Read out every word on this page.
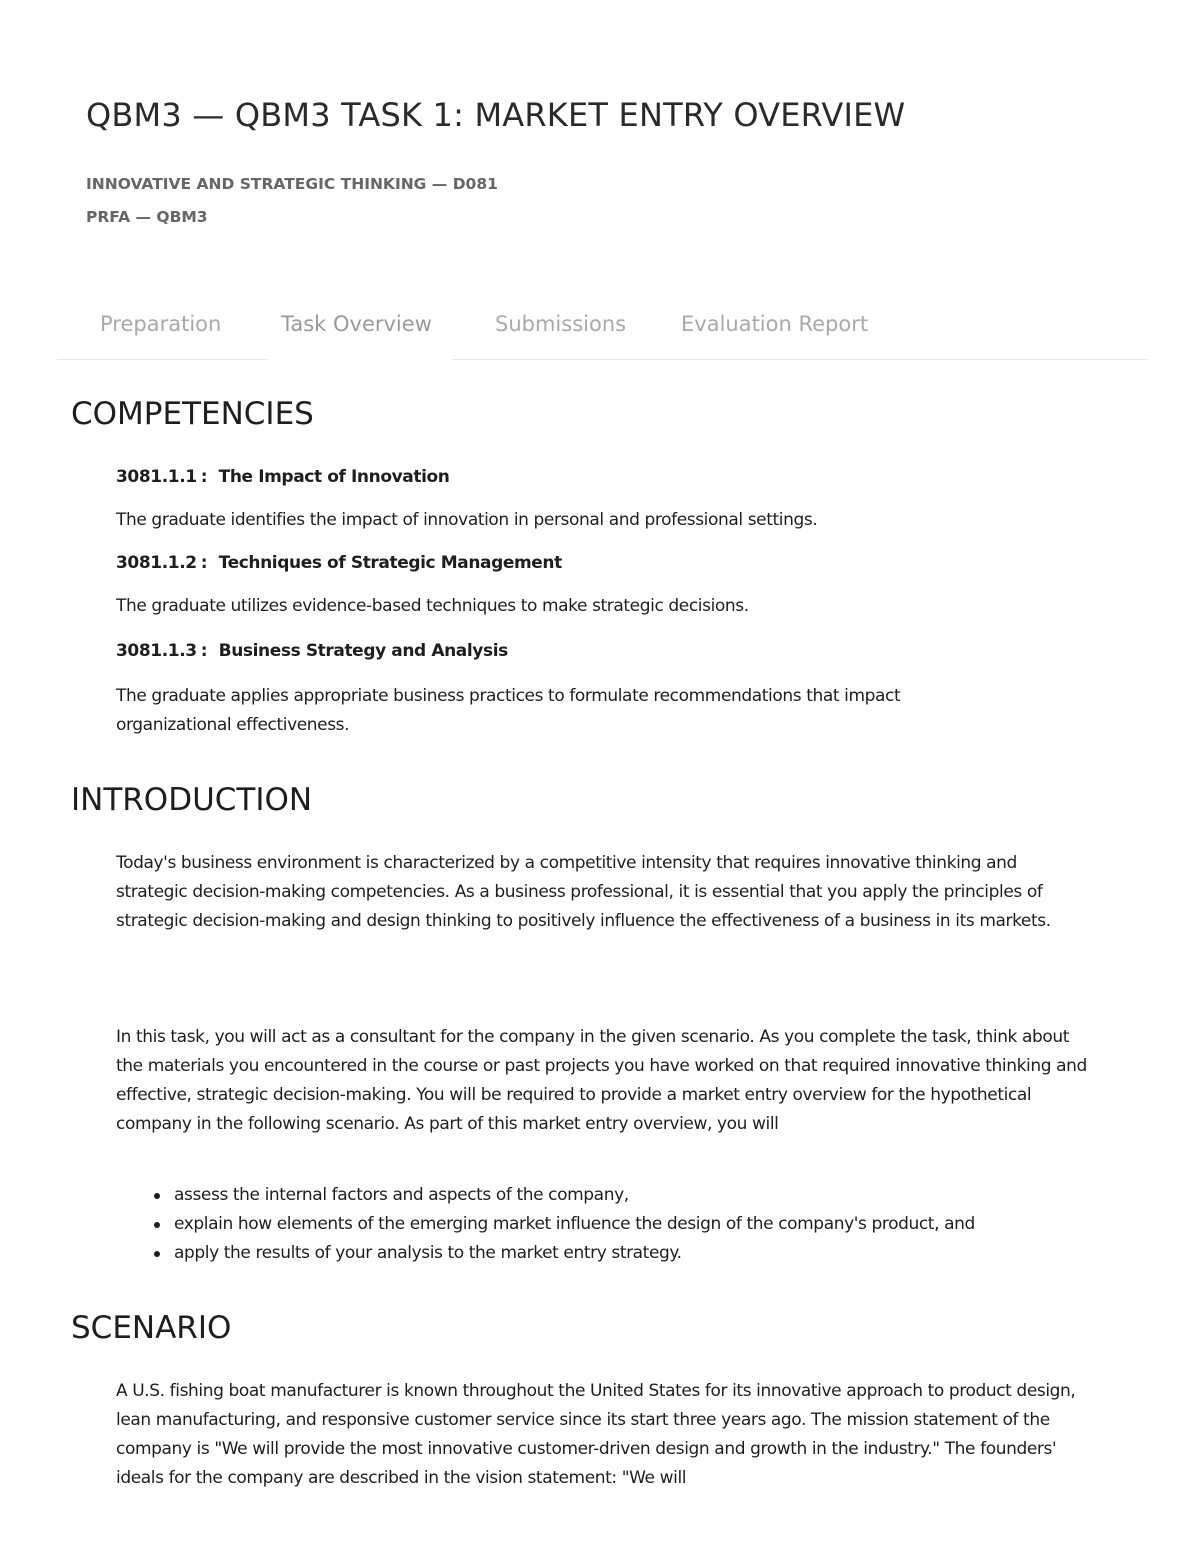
QBM3 — QBM3 TASK 1: MARKET ENTRY OVERVIEW

INNOVATIVE AND STRATEGIC THINKING — D081

PRFA — QBM3

Preparation	Task Overview	Submissions	Evaluation Report
COMPETENCIES

3081.1.1 : The Impact of Innovation

The graduate identifies the impact of innovation in personal and professional settings.

3081.1.2 : Techniques of Strategic Management

The graduate utilizes evidence-based techniques to make strategic decisions.

3081.1.3 : Business Strategy and Analysis

The graduate applies appropriate business practices to formulate recommendations that impact organizational effectiveness.

INTRODUCTION

Today's business environment is characterized by a competitive intensity that requires innovative thinking and strategic decision-making competencies. As a business professional, it is essential that you apply the principles of strategic decision-making and design thinking to positively influence the effectiveness of a business in its markets.

In this task, you will act as a consultant for the company in the given scenario. As you complete the task, think about the materials you encountered in the course or past projects you have worked on that required innovative thinking and effective, strategic decision-making. You will be required to provide a market entry overview for the hypothetical company in the following scenario. As part of this market entry overview, you will

assess the internal factors and aspects of the company,
explain how elements of the emerging market influence the design of the company's product, and
apply the results of your analysis to the market entry strategy.
SCENARIO

A U.S. fishing boat manufacturer is known throughout the United States for its innovative approach to product design, lean manufacturing, and responsive customer service since its start three years ago. The mission statement of the company is "We will provide the most innovative customer-driven design and growth in the industry." The founders' ideals for the company are described in the vision statement: "We will
